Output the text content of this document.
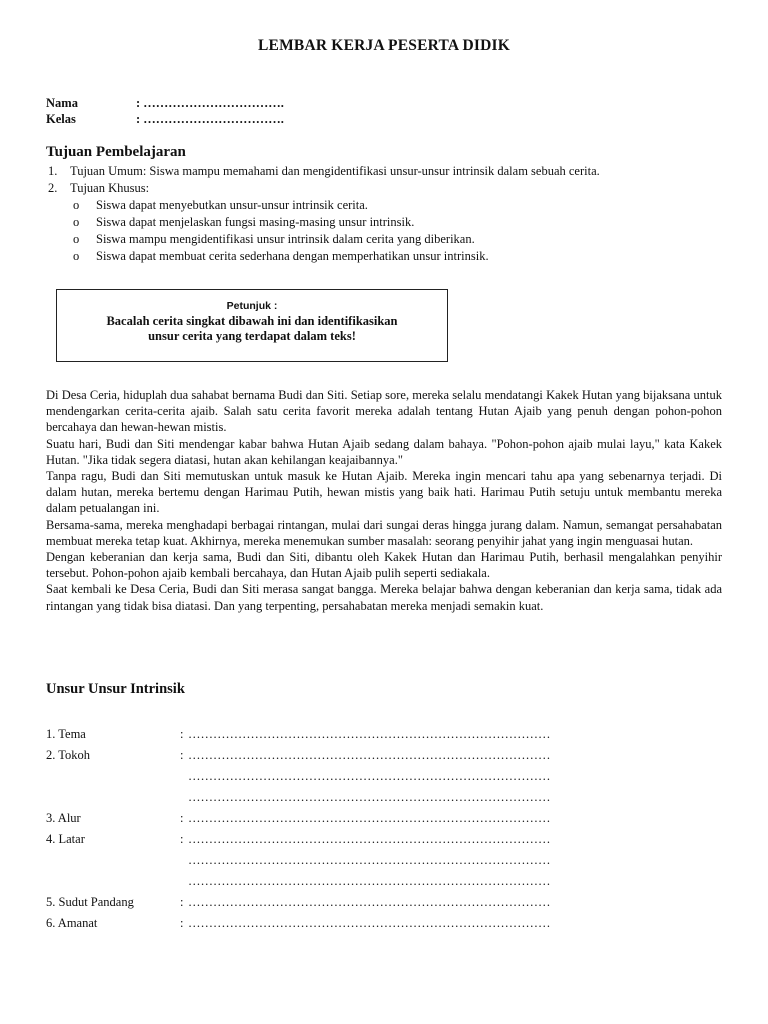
LEMBAR KERJA PESERTA DIDIK
Nama	: …………………………….
Kelas	: …………………………….
Tujuan Pembelajaran
1. Tujuan Umum: Siswa mampu memahami dan mengidentifikasi unsur-unsur intrinsik dalam sebuah cerita.
2. Tujuan Khusus:
o Siswa dapat menyebutkan unsur-unsur intrinsik cerita.
o Siswa dapat menjelaskan fungsi masing-masing unsur intrinsik.
o Siswa mampu mengidentifikasi unsur intrinsik dalam cerita yang diberikan.
o Siswa dapat membuat cerita sederhana dengan memperhatikan unsur intrinsik.
Petunjuk :
Bacalah cerita singkat dibawah ini dan identifikasikan
unsur cerita yang terdapat dalam teks!

Di Desa Ceria, hiduplah dua sahabat bernama Budi dan Siti. Setiap sore, mereka selalu mendatangi Kakek Hutan yang bijaksana untuk mendengarkan cerita-cerita ajaib. Salah satu cerita favorit mereka adalah tentang Hutan Ajaib yang penuh dengan pohon-pohon bercahaya dan hewan-hewan mistis.

Suatu hari, Budi dan Siti mendengar kabar bahwa Hutan Ajaib sedang dalam bahaya. "Pohon-pohon ajaib mulai layu," kata Kakek Hutan. "Jika tidak segera diatasi, hutan akan kehilangan keajaibannya."

Tanpa ragu, Budi dan Siti memutuskan untuk masuk ke Hutan Ajaib. Mereka ingin mencari tahu apa yang sebenarnya terjadi. Di dalam hutan, mereka bertemu dengan Harimau Putih, hewan mistis yang baik hati. Harimau Putih setuju untuk membantu mereka dalam petualangan ini.

Bersama-sama, mereka menghadapi berbagai rintangan, mulai dari sungai deras hingga jurang dalam. Namun, semangat persahabatan membuat mereka tetap kuat. Akhirnya, mereka menemukan sumber masalah: seorang penyihir jahat yang ingin menguasai hutan.

Dengan keberanian dan kerja sama, Budi dan Siti, dibantu oleh Kakek Hutan dan Harimau Putih, berhasil mengalahkan penyihir tersebut. Pohon-pohon ajaib kembali bercahaya, dan Hutan Ajaib pulih seperti sediakala.

Saat kembali ke Desa Ceria, Budi dan Siti merasa sangat bangga. Mereka belajar bahwa dengan keberanian dan kerja sama, tidak ada rintangan yang tidak bisa diatasi. Dan yang terpenting, persahabatan mereka menjadi semakin kuat.

Unsur Unsur Intrinsik
1. Tema	: ……………………………………………………………………………
2. Tokoh	: ……………………………………………………………………………
……………………………………………………………………………
……………………………………………………………………………
3. Alur	: ……………………………………………………………………………
4. Latar	: ……………………………………………………………………………
……………………………………………………………………………
……………………………………………………………………………
5. Sudut Pandang	: ……………………………………………………………………………
6. Amanat	: ……………………………………………………………………………
